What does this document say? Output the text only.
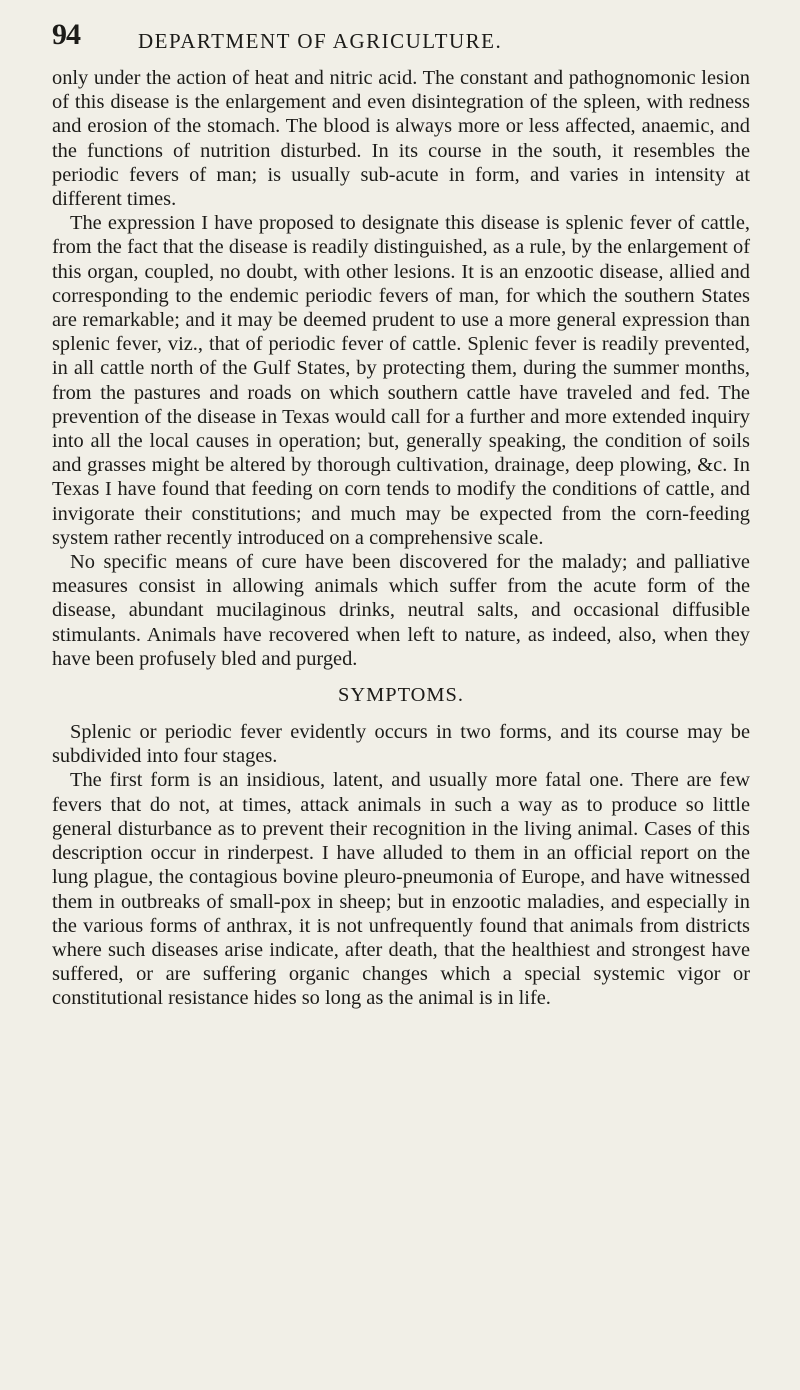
94	DEPARTMENT OF AGRICULTURE.

only under the action of heat and nitric acid. The constant and pathognomonic lesion of this disease is the enlargement and even disintegration of the spleen, with redness and erosion of the stomach. The blood is always more or less affected, anaemic, and the functions of nutrition disturbed. In its course in the south, it resembles the periodic fevers of man; is usually sub-acute in form, and varies in intensity at different times.

The expression I have proposed to designate this disease is splenic fever of cattle, from the fact that the disease is readily distinguished, as a rule, by the enlargement of this organ, coupled, no doubt, with other lesions. It is an enzootic disease, allied and corresponding to the endemic periodic fevers of man, for which the southern States are remarkable; and it may be deemed prudent to use a more general expression than splenic fever, viz., that of periodic fever of cattle. Splenic fever is readily prevented, in all cattle north of the Gulf States, by protecting them, during the summer months, from the pastures and roads on which southern cattle have traveled and fed. The prevention of the disease in Texas would call for a further and more extended inquiry into all the local causes in operation; but, generally speaking, the condition of soils and grasses might be altered by thorough cultivation, drainage, deep plowing, &c. In Texas I have found that feeding on corn tends to modify the conditions of cattle, and invigorate their constitutions; and much may be expected from the corn-feeding system rather recently introduced on a comprehensive scale.

No specific means of cure have been discovered for the malady; and palliative measures consist in allowing animals which suffer from the acute form of the disease, abundant mucilaginous drinks, neutral salts, and occasional diffusible stimulants. Animals have recovered when left to nature, as indeed, also, when they have been profusely bled and purged.

SYMPTOMS.

Splenic or periodic fever evidently occurs in two forms, and its course may be subdivided into four stages.

The first form is an insidious, latent, and usually more fatal one. There are few fevers that do not, at times, attack animals in such a way as to produce so little general disturbance as to prevent their recognition in the living animal. Cases of this description occur in rinderpest. I have alluded to them in an official report on the lung plague, the contagious bovine pleuro-pneumonia of Europe, and have witnessed them in outbreaks of small-pox in sheep; but in enzootic maladies, and especially in the various forms of anthrax, it is not unfrequently found that animals from districts where such diseases arise indicate, after death, that the healthiest and strongest have suffered, or are suffering organic changes which a special systemic vigor or constitutional resistance hides so long as the animal is in life.
